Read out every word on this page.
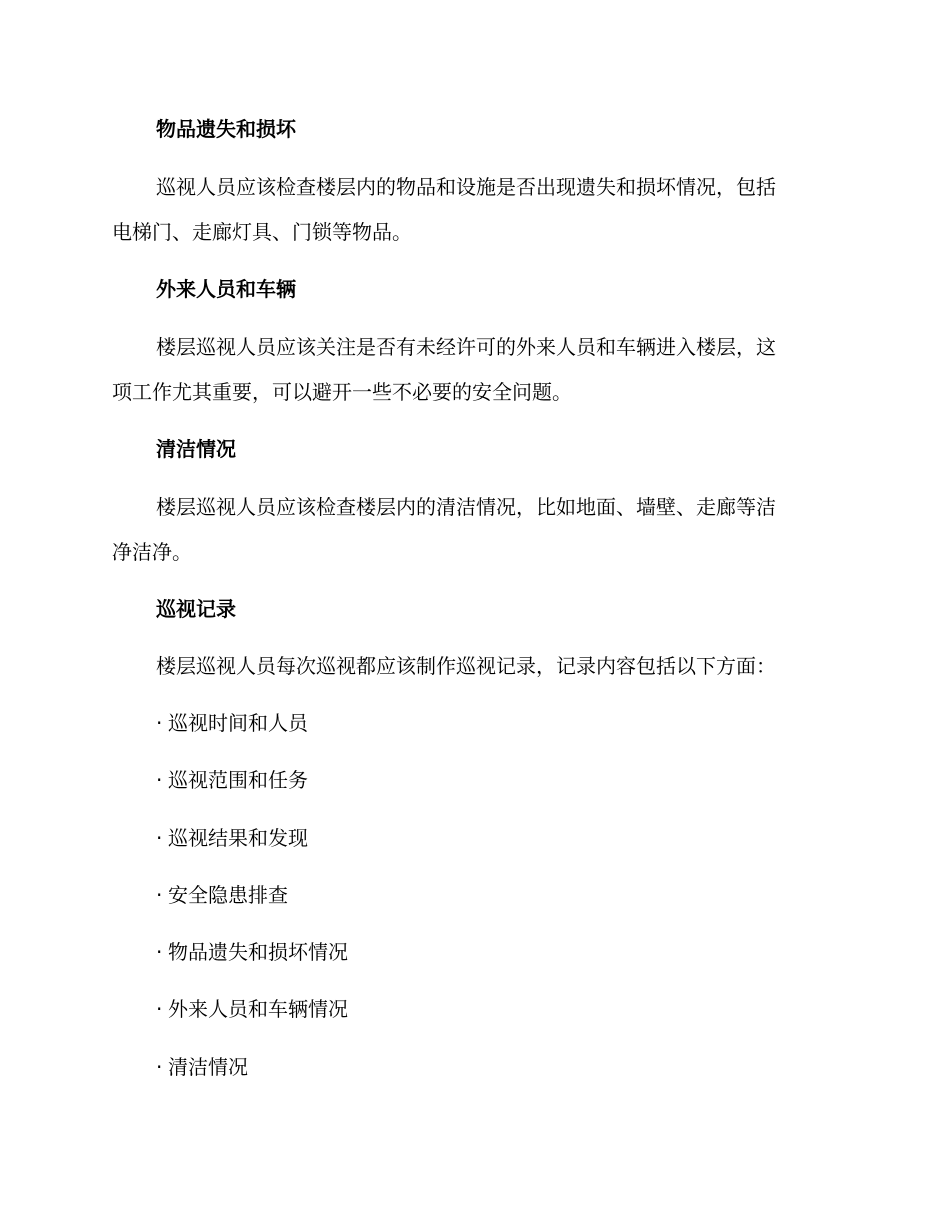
物品遗失和损坏
巡视人员应该检查楼层内的物品和设施是否出现遗失和损坏情况，包括
电梯门、走廊灯具、门锁等物品。
外来人员和车辆
楼层巡视人员应该关注是否有未经许可的外来人员和车辆进入楼层，这
项工作尤其重要，可以避开一些不必要的安全问题。
清洁情况
楼层巡视人员应该检查楼层内的清洁情况，比如地面、墙壁、走廊等洁
净洁净。
巡视记录
楼层巡视人员每次巡视都应该制作巡视记录，记录内容包括以下方面：
· 巡视时间和人员
· 巡视范围和任务
· 巡视结果和发现
· 安全隐患排查
· 物品遗失和损坏情况
· 外来人员和车辆情况
· 清洁情况
